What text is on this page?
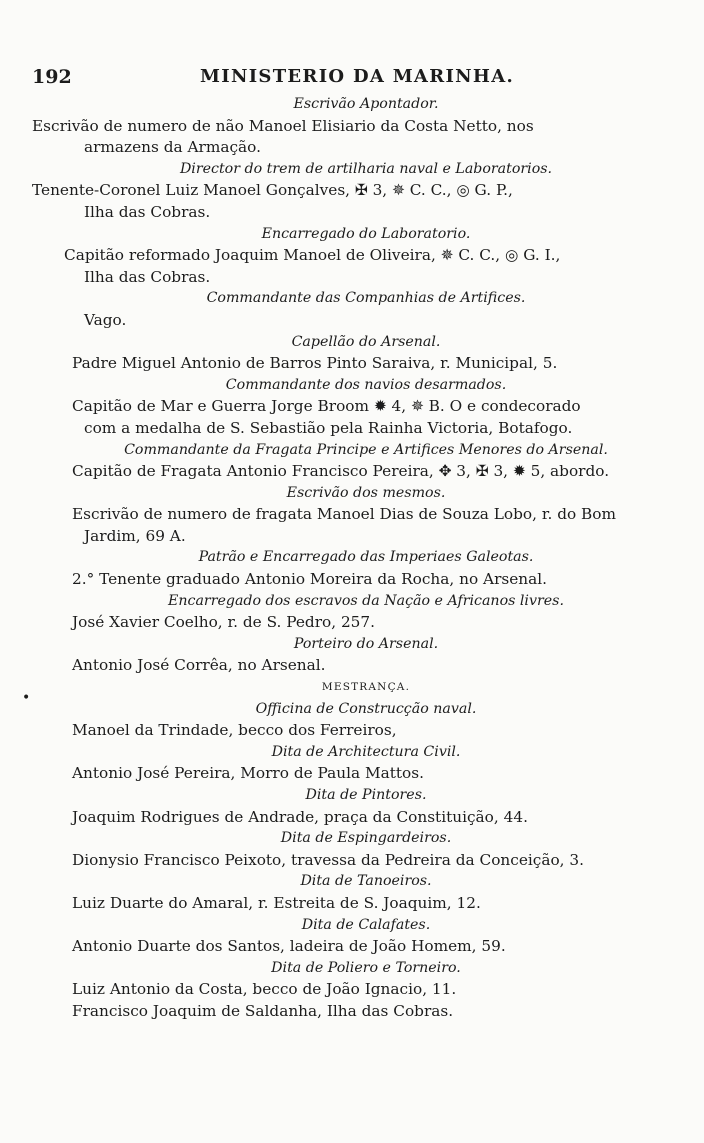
192	MINISTERIO DA MARINHA.
Escrivão Apontador.
Escrivão de numero de não Manoel Elisiario da Costa Netto, nos
armazens da Armação.
Director do trem de artilharia naval e Laboratorios.
Tenente-Coronel Luiz Manoel Gonçalves, ✠ 3, ✵ C. C., ◎ G. P.,
Ilha das Cobras.
Encarregado do Laboratorio.
Capitão reformado Joaquim Manoel de Oliveira, ✵ C. C., ◎ G. I.,
Ilha das Cobras.
Commandante das Companhias de Artifices.
Vago.
Capellão do Arsenal.
Padre Miguel Antonio de Barros Pinto Saraiva, r. Municipal, 5.
Commandante dos navios desarmados.
Capitão de Mar e Guerra Jorge Broom ✹ 4, ✵ B. O e condecorado
com a medalha de S. Sebastião pela Rainha Victoria, Botafogo.
Commandante da Fragata Principe e Artifices Menores do Arsenal.
Capitão de Fragata Antonio Francisco Pereira, ✥ 3, ✠ 3, ✹ 5, abordo.
Escrivão dos mesmos.
Escrivão de numero de fragata Manoel Dias de Souza Lobo, r. do Bom
Jardim, 69 A.
Patrão e Encarregado das Imperiaes Galeotas.
2.° Tenente graduado Antonio Moreira da Rocha, no Arsenal.
Encarregado dos escravos da Nação e Africanos livres.
José Xavier Coelho, r. de S. Pedro, 257.
Porteiro do Arsenal.
Antonio José Corrêa, no Arsenal.
MESTRANÇA.
Officina de Construcção naval.
Manoel da Trindade, becco dos Ferreiros,
Dita de Architectura Civil.
Antonio José Pereira, Morro de Paula Mattos.
Dita de Pintores.
Joaquim Rodrigues de Andrade, praça da Constituição, 44.
Dita de Espingardeiros.
Dionysio Francisco Peixoto, travessa da Pedreira da Conceição, 3.
Dita de Tanoeiros.
Luiz Duarte do Amaral, r. Estreita de S. Joaquim, 12.
Dita de Calafates.
Antonio Duarte dos Santos, ladeira de João Homem, 59.
Dita de Poliero e Torneiro.
Luiz Antonio da Costa, becco de João Ignacio, 11.
Francisco Joaquim de Saldanha, Ilha das Cobras.
•
